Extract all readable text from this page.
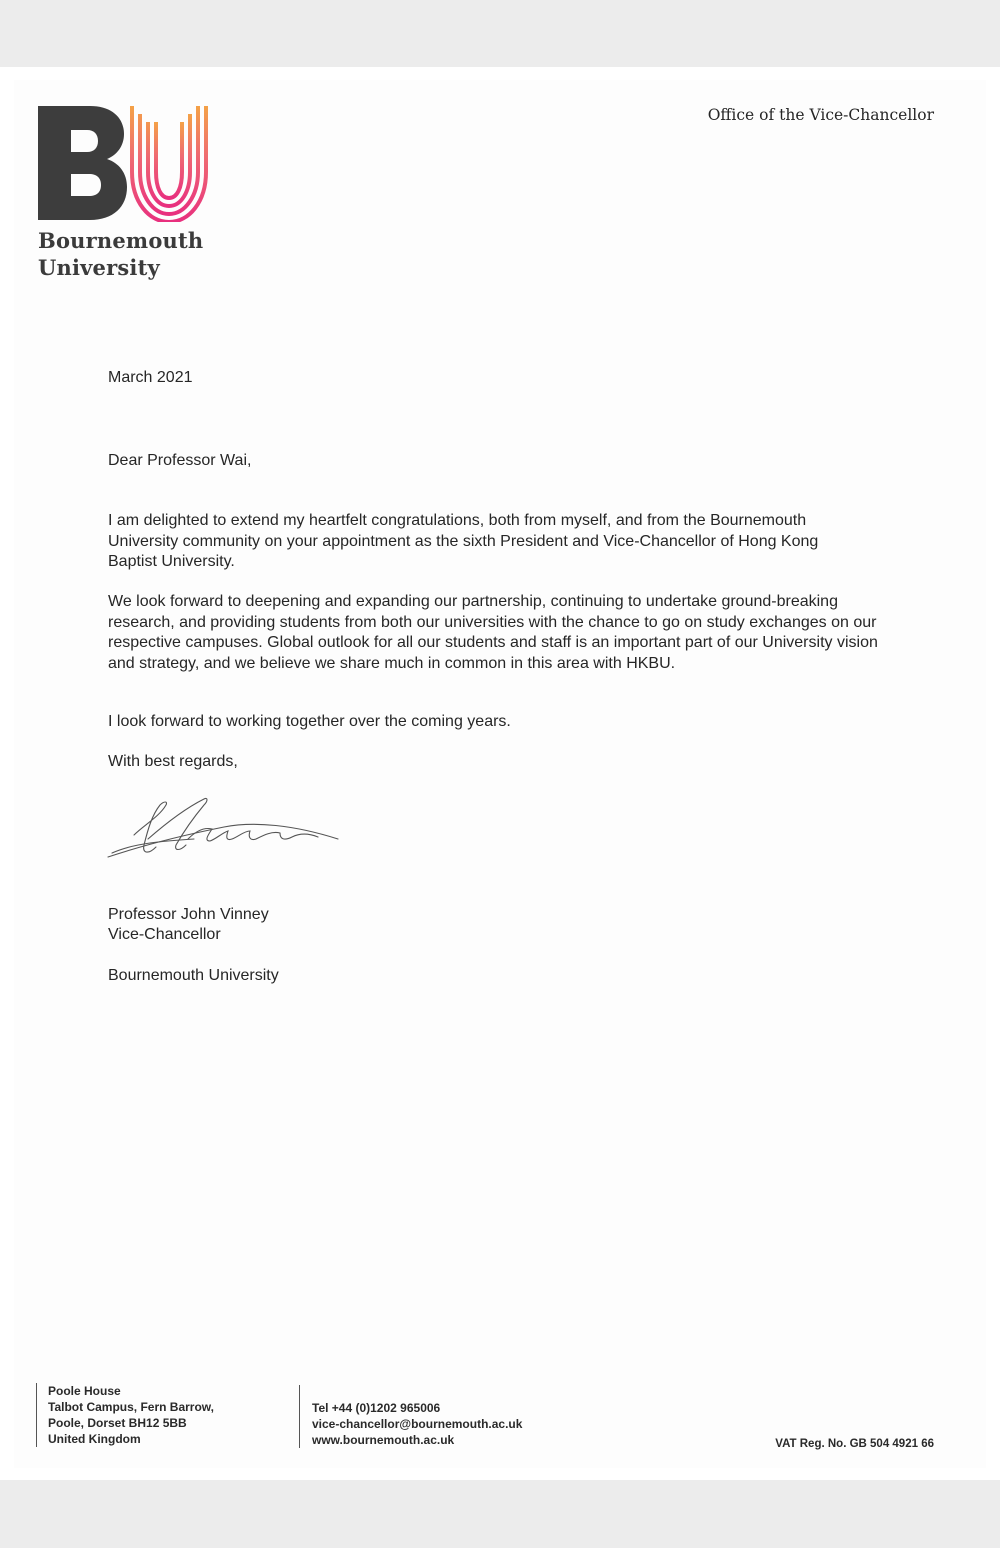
Bournemouth
University
Office of the Vice-Chancellor
March 2021
Dear Professor Wai,
I am delighted to extend my heartfelt congratulations, both from myself, and from the Bournemouth University community on your appointment as the sixth President and Vice-Chancellor of Hong Kong Baptist University.
We look forward to deepening and expanding our partnership, continuing to undertake ground-breaking research, and providing students from both our universities with the chance to go on study exchanges on our respective campuses. Global outlook for all our students and staff is an important part of our University vision and strategy, and we believe we share much in common in this area with HKBU.
I look forward to working together over the coming years.
With best regards,
Professor John Vinney
Vice-Chancellor
Bournemouth University
Poole House
Talbot Campus, Fern Barrow,
Poole, Dorset BH12 5BB
United Kingdom
Tel +44 (0)1202 965006
vice-chancellor@bournemouth.ac.uk
www.bournemouth.ac.uk	VAT Reg. No. GB 504 4921 66
